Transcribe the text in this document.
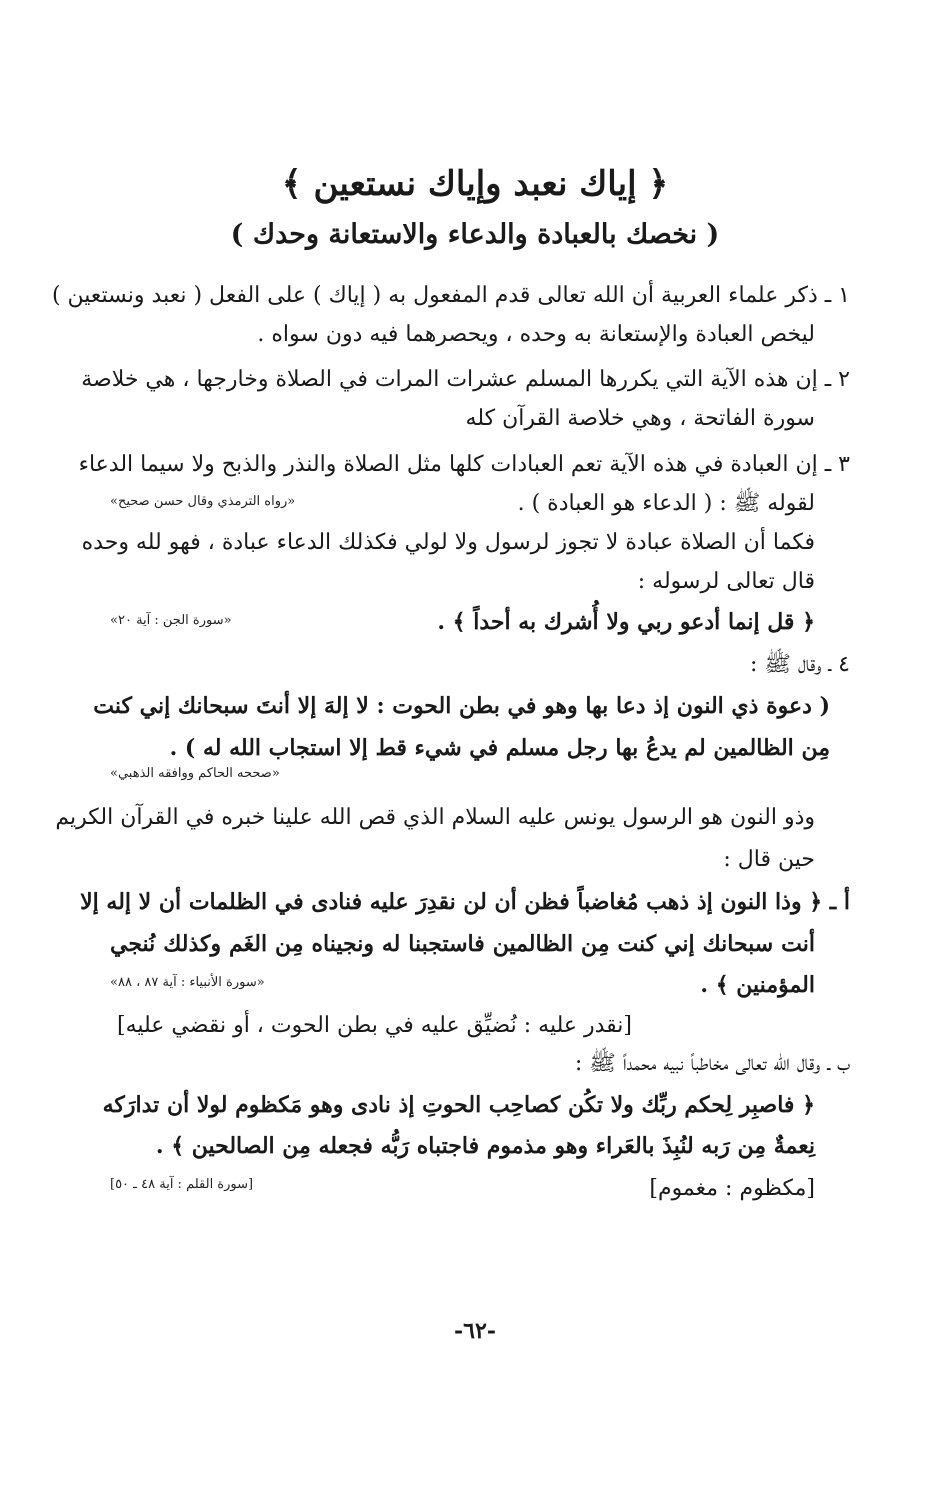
﴿ إياك نعبد وإياك نستعين ﴾
( نخصك بالعبادة والدعاء والاستعانة وحدك )
١ ـ ذكر علماء العربية أن الله تعالى قدم المفعول به ( إياك ) على الفعل ( نعبد ونستعين )
ليخص العبادة والإستعانة به وحده ، ويحصرهما فيه دون سواه .
٢ ـ إن هذه الآية التي يكررها المسلم عشرات المرات في الصلاة وخارجها ، هي خلاصة
سورة الفاتحة ، وهي خلاصة القرآن كله
٣ ـ إن العبادة في هذه الآية تعم العبادات كلها مثل الصلاة والنذر والذبح ولا سيما الدعاء
لقوله ﷺ : ( الدعاء هو العبادة ) .
«رواه الترمذي وقال حسن صحيح»
فكما أن الصلاة عبادة لا تجوز لرسول ولا لولي فكذلك الدعاء عبادة ، فهو لله وحده
قال تعالى لرسوله :
﴿ قل إنما أدعو ربي ولا أُشرك به أحداً ﴾ .
«سورة الجن : آية ٢٠»
٤ ـ وقال ﷺ :
( دعوة ذي النون إذ دعا بها وهو في بطن الحوت : لا إلهَ إلا أنتَ سبحانك إني كنت
مِن الظالمين لم يدعُ بها رجل مسلم في شيء قط إلا استجاب الله له ) .
«صححه الحاكم ووافقه الذهبي»
وذو النون هو الرسول يونس عليه السلام الذي قص الله علينا خبره في القرآن الكريم
حين قال :
أ ـ ﴿ وذا النون إذ ذهب مُغاضباً فظن أن لن نقدِرَ عليه فنادى في الظلمات أن لا إله إلا
أنت سبحانك إني كنت مِن الظالمين فاستجبنا له ونجيناه مِن الغَم وكذلك نُنجي
المؤمنين ﴾ .
«سورة الأنبياء : آية ٨٧ ، ٨٨»
[نقدر عليه : نُضيِّق عليه في بطن الحوت ، أو نقضي عليه]
ب ـ وقال الله تعالى مخاطباً نبيه محمداً ﷺ :
﴿ فاصبِر لِحكم ربِّك ولا تكُن كصاحِب الحوتِ إذ نادى وهو مَكظوم لولا أن تدارَكه
نِعمةٌ مِن رَبه لنُبِذَ بالعَراء وهو مذموم فاجتباه رَبُّه فجعله مِن الصالحين ﴾ .
[مكظوم : مغموم]
[سورة القلم : آية ٤٨ ـ ٥٠]
-٦٢-
